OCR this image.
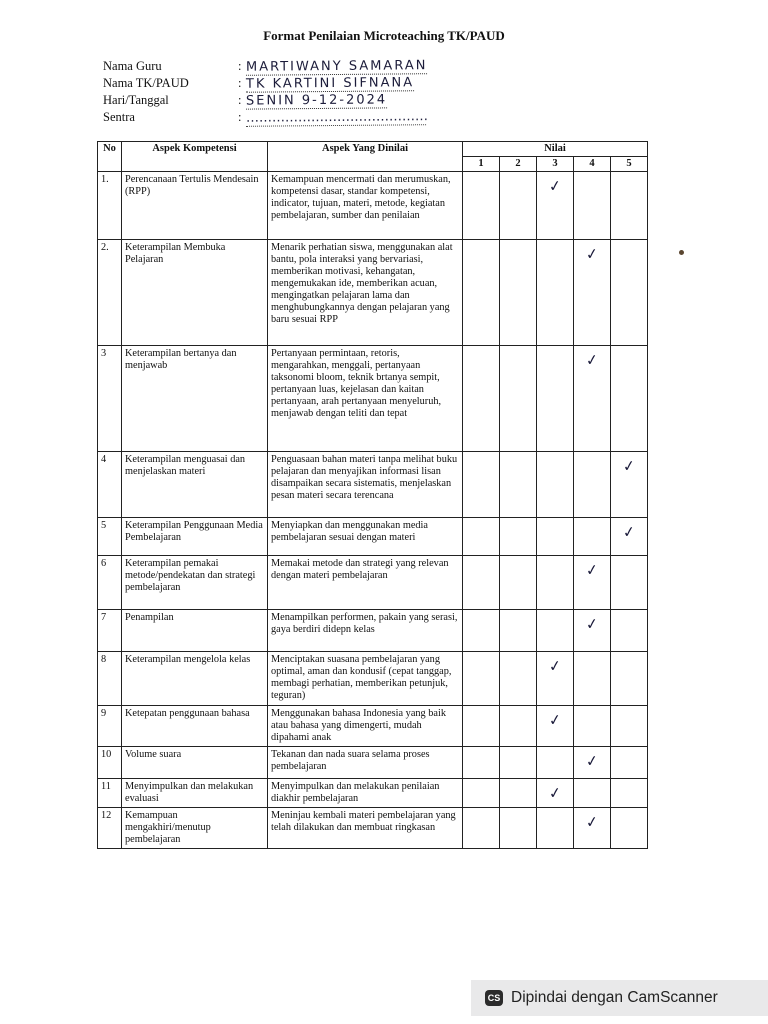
Format Penilaian Microteaching TK/PAUD
Nama Guru	: MARTIWANY SAMARAN
Nama TK/PAUD	: TK KARTINI SIFNANA
Hari/Tanggal	: SENIN 9-12-2024
Sentra	: ……………………………………
No	Aspek Kompetensi	Aspek Yang Dinilai	Nilai				
			1	2	3	4	5
1.	Perencanaan Tertulis Mendesain (RPP)	Kemampuan mencermati dan merumuskan, kompetensi dasar, standar kompetensi, indicator, tujuan, materi, metode, kegiatan pembelajaran, sumber dan penilaian			✓		

2.	Keterampilan Membuka Pelajaran	Menarik perhatian siswa, menggunakan alat bantu, pola interaksi yang bervariasi, memberikan motivasi, kehangatan, mengemukakan ide, memberikan acuan, mengingatkan pelajaran lama dan menghubungkannya dengan pelajaran yang baru sesuai RPP				✓	

3	Keterampilan bertanya dan menjawab	Pertanyaan permintaan, retoris, mengarahkan, menggali, pertanyaan taksonomi bloom, teknik brtanya sempit, pertanyaan luas, kejelasan dan kaitan pertanyaan, arah pertanyaan menyeluruh, menjawab dengan teliti dan tepat				✓	

4	Keterampilan menguasai dan menjelaskan materi	Penguasaan bahan materi tanpa melihat buku pelajaran dan menyajikan informasi lisan disampaikan secara sistematis, menjelaskan pesan materi secara terencana					✓

5	Keterampilan Penggunaan Media Pembelajaran	Menyiapkan dan menggunakan media pembelajaran sesuai dengan materi					✓

6	Keterampilan pemakai metode/pendekatan dan strategi pembelajaran	Memakai metode dan strategi yang relevan dengan materi pembelajaran				✓	

7	Penampilan	Menampilkan performen, pakain yang serasi, gaya berdiri didepn kelas				✓	

8	Keterampilan mengelola kelas	Menciptakan suasana pembelajaran yang optimal, aman dan kondusif (cepat tanggap, membagi perhatian, memberikan petunjuk, teguran)			✓		

9	Ketepatan penggunaan bahasa	Menggunakan bahasa Indonesia yang baik atau bahasa yang dimengerti, mudah dipahami anak			✓		

10	Volume suara	Tekanan dan nada suara selama proses pembelajaran				✓	

11	Menyimpulkan dan melakukan evaluasi	Menyimpulkan dan melakukan penilaian diakhir pembelajaran			✓		

12	Kemampuan mengakhiri/menutup pembelajaran	Meninjau kembali materi pembelajaran yang telah dilakukan dan membuat ringkasan				✓	

CS Dipindai dengan CamScanner
